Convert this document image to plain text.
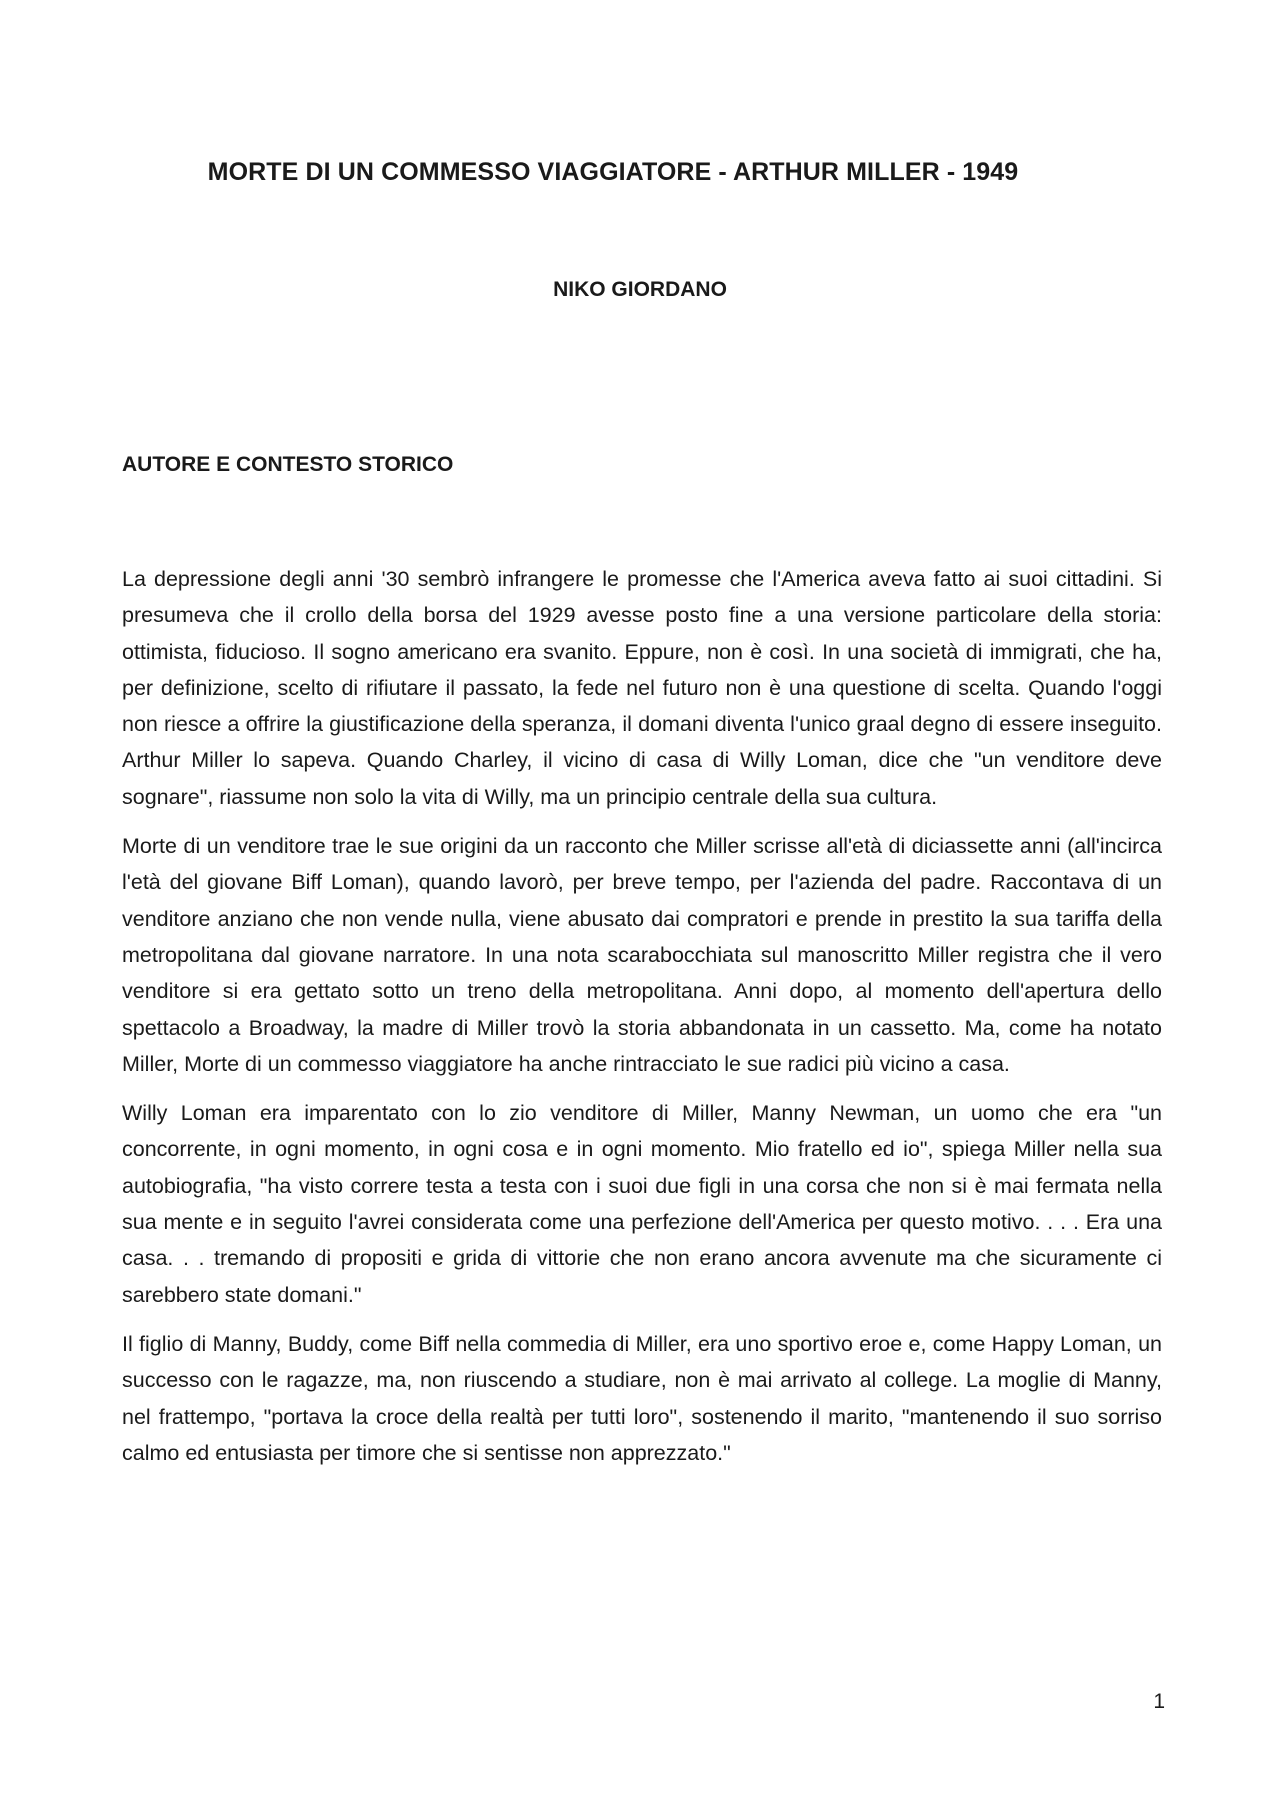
MORTE DI UN COMMESSO VIAGGIATORE - ARTHUR MILLER - 1949
NIKO GIORDANO
AUTORE E CONTESTO STORICO

La depressione degli anni '30 sembrò infrangere le promesse che l'America aveva fatto ai suoi cittadini. Si presumeva che il crollo della borsa del 1929 avesse posto fine a una versione particolare della storia: ottimista, fiducioso. Il sogno americano era svanito. Eppure, non è così. In una società di immigrati, che ha, per definizione, scelto di rifiutare il passato, la fede nel futuro non è una questione di scelta. Quando l'oggi non riesce a offrire la giustificazione della speranza, il domani diventa l'unico graal degno di essere inseguito. Arthur Miller lo sapeva. Quando Charley, il vicino di casa di Willy Loman, dice che "un venditore deve sognare", riassume non solo la vita di Willy, ma un principio centrale della sua cultura.

Morte di un venditore trae le sue origini da un racconto che Miller scrisse all'età di diciassette anni (all'incirca l'età del giovane Biff Loman), quando lavorò, per breve tempo, per l'azienda del padre. Raccontava di un venditore anziano che non vende nulla, viene abusato dai compratori e prende in prestito la sua tariffa della metropolitana dal giovane narratore. In una nota scarabocchiata sul manoscritto Miller registra che il vero venditore si era gettato sotto un treno della metropolitana. Anni dopo, al momento dell'apertura dello spettacolo a Broadway, la madre di Miller trovò la storia abbandonata in un cassetto. Ma, come ha notato Miller, Morte di un commesso viaggiatore ha anche rintracciato le sue radici più vicino a casa.

Willy Loman era imparentato con lo zio venditore di Miller, Manny Newman, un uomo che era "un concorrente, in ogni momento, in ogni cosa e in ogni momento. Mio fratello ed io", spiega Miller nella sua autobiografia, "ha visto correre testa a testa con i suoi due figli in una corsa che non si è mai fermata nella sua mente e in seguito l'avrei considerata come una perfezione dell'America per questo motivo. . . . Era una casa. . . tremando di propositi e grida di vittorie che non erano ancora avvenute ma che sicuramente ci sarebbero state domani."

Il figlio di Manny, Buddy, come Biff nella commedia di Miller, era uno sportivo eroe e, come Happy Loman, un successo con le ragazze, ma, non riuscendo a studiare, non è mai arrivato al college. La moglie di Manny, nel frattempo, "portava la croce della realtà per tutti loro", sostenendo il marito, "mantenendo il suo sorriso calmo ed entusiasta per timore che si sentisse non apprezzato."

1
